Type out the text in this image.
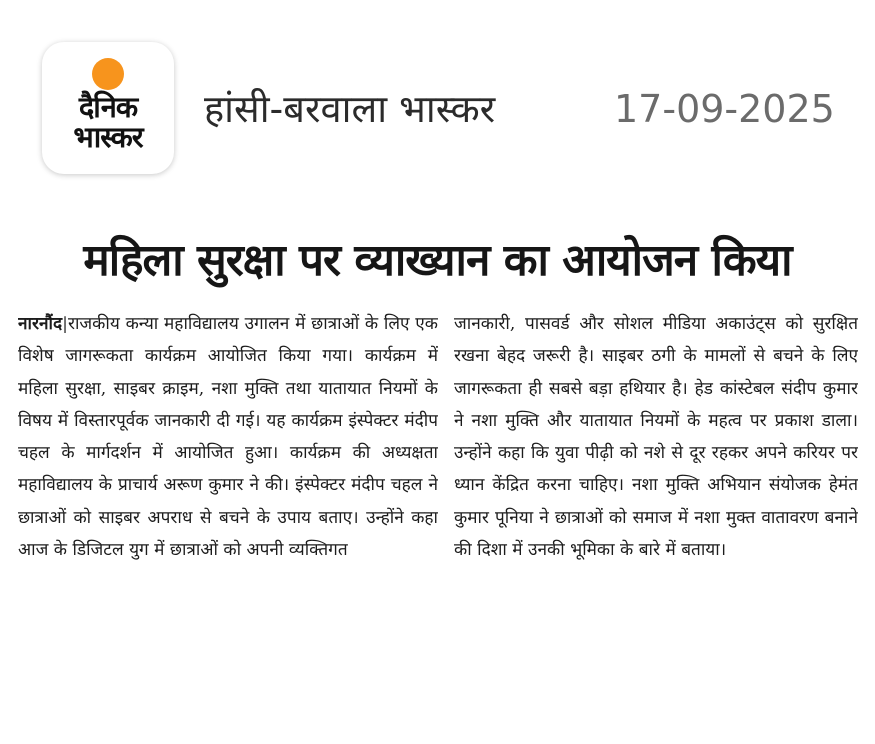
दैनिक
भास्कर
हांसी-बरवाला भास्कर	17-09-2025
महिला सुरक्षा पर व्याख्यान का आयोजन किया
नारनौंद|राजकीय कन्या महाविद्यालय उगालन में छात्राओं के लिए एक विशेष जागरूकता कार्यक्रम आयोजित किया गया। कार्यक्रम में महिला सुरक्षा, साइबर क्राइम, नशा मुक्ति तथा यातायात नियमों के विषय में विस्तारपूर्वक जानकारी दी गई। यह कार्यक्रम इंस्पेक्टर मंदीप चहल के मार्गदर्शन में आयोजित हुआ। कार्यक्रम की अध्यक्षता महाविद्यालय के प्राचार्य अरूण कुमार ने की। इंस्पेक्टर मंदीप चहल ने छात्राओं को साइबर अपराध से बचने के उपाय बताए। उन्होंने कहा आज के डिजिटल युग में छात्राओं को अपनी व्यक्तिगत
जानकारी, पासवर्ड और सोशल मीडिया अकाउंट्स को सुरक्षित रखना बेहद जरूरी है। साइबर ठगी के मामलों से बचने के लिए जागरूकता ही सबसे बड़ा हथियार है। हेड कांस्टेबल संदीप कुमार ने नशा मुक्ति और यातायात नियमों के महत्व पर प्रकाश डाला। उन्होंने कहा कि युवा पीढ़ी को नशे से दूर रहकर अपने करियर पर ध्यान केंद्रित करना चाहिए। नशा मुक्ति अभियान संयोजक हेमंत कुमार पूनिया ने छात्राओं को समाज में नशा मुक्त वातावरण बनाने की दिशा में उनकी भूमिका के बारे में बताया।
